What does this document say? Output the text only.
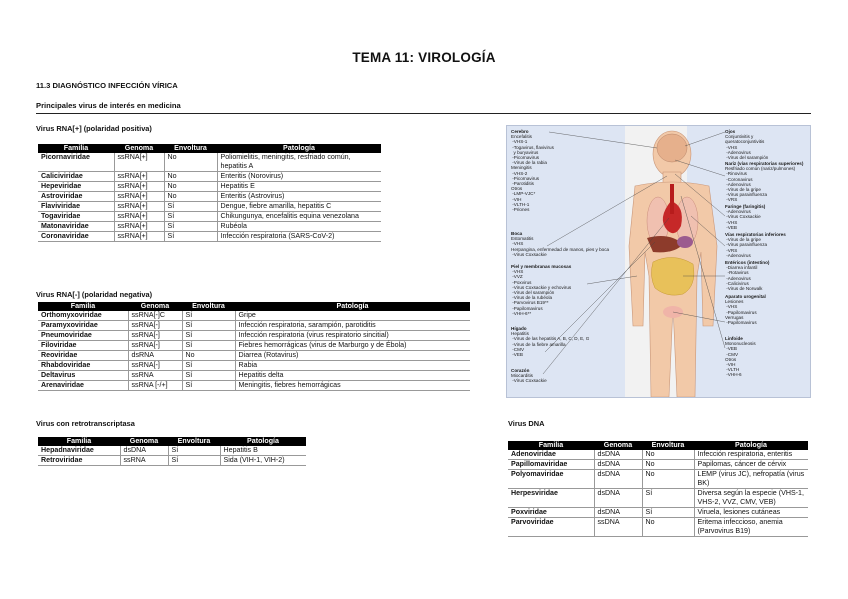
TEMA 11: VIROLOGÍA
11.3 DIAGNÓSTICO INFECCIÓN VÍRICA
Principales virus de interés en medicina
Virus RNA[+] (polaridad positiva)
Familia	Genoma	Envoltura	Patología
Picornaviridae	ssRNA[+]	No	Poliomielitis, meningitis, resfriado común, hepatitis A
Caliciviridae	ssRNA[+]	No	Enteritis (Norovirus)
Hepeviridae	ssRNA[+]	No	Hepatitis E
Astroviridae	ssRNA[+]	No	Enteritis (Astrovirus)
Flaviviridae	ssRNA[+]	Sí	Dengue, fiebre amarilla, hepatitis C
Togaviridae	ssRNA[+]	Sí	Chikungunya, encefalitis equina venezolana
Matonaviridae	ssRNA[+]	Sí	Rubéola
Coronaviridae	ssRNA[+]	Sí	Infección respiratoria (SARS-CoV-2)
Virus RNA[-] (polaridad negativa)
Familia	Genoma	Envoltura	Patología
Orthomyxoviridae	ssRNA[-]C	Sí	Gripe
Paramyxoviridae	ssRNA[-]	Sí	Infección respiratoria, sarampión, parotiditis
Pneumoviridae	ssRNA[-]	Sí	Infección respiratoria (virus respiratorio sincitial)
Filoviridae	ssRNA[-]	Sí	Fiebres hemorrágicas (virus de Marburgo y de Ébola)
Reoviridae	dsRNA	No	Diarrea (Rotavirus)
Rhabdoviridae	ssRNA[-]	Sí	Rabia
Deltavirus	ssRNA	Sí	Hepatitis delta
Arenaviridae	ssRNA [-/+]	Sí	Meningitis, fiebres hemorrágicas
Virus con retrotranscriptasa
Familia	Genoma	Envoltura	Patología
Hepadnaviridae	dsDNA	Sí	Hepatitis B
Retroviridae	ssRNA	Sí	Sida (VIH-1, VIH-2)
Cerebro
Encefalitis
-VHS-1
-Togavirus, flavivirus
y buryavirus
-Picornavirus
-Virus de la rabia
Meningitis
-VHS-2
-Picornavirus
-Parotiditis
Otros
-LMP-VJC*
-VIH
-VLTH-1
-Priones
Boca
Estomatitis
-VHS
Herpangina, enfermedad de manos, pies y boca
-Virus Coxsackie
Piel y membranas mucosas
-VHS
-VVZ
-Poxvirus
-Virus Coxsackie y echovirus
-Virus del sarampión
-Virus de la rubéola
-Parvovirus B19**
-Papilomavirus
-VHH-6**
Hígado
Hepatitis
-Virus de las hepatitis A, B, C, D, E, G
-Virus de la fiebre amarilla
-CMV
-VEB
Corazón
Miocarditis
-Virus Coxsackie
Ojos
Conjuntivitis y
queratoconjuntivitis
-VHS
-Adenovirus
-Virus del sarampión
Nariz (vías respiratorias superiores)
Resfriado común (nariz/pulmones)
-Rinovirus
-Coronavirus
-Adenovirus
-Virus de la gripe
-Virus parainfluenza
-VRS
Faringe (faringitis)
-Adenovirus
-Virus Coxsackie
-VHS
-VEB
Vías respiratorias inferiores
-Virus de la gripe
-Virus parainfluenza
-VRS
-Adenovirus
Entéricos (intestino)
-Diarrea infantil
-Rotavirus
-Adenovirus
-Calicivirus
-Virus de Norwalk
Aparato urogenital
Lesiones
-VHS
-Papilomavirus
Verrugas
-Papilomavirus
Linfoide
Mononucleosis
-VEB
-CMV
Otros
-VIH
-VLTH
-VHH-6
Virus DNA
Familia	Genoma	Envoltura	Patología
Adenoviridae	dsDNA	No	Infección respiratoria, enteritis
Papillomaviridae	dsDNA	No	Papilomas, cáncer de cérvix
Polyomaviridae	dsDNA	No	LEMP (virus JC), nefropatía (virus BK)
Herpesviridae	dsDNA	Sí	Diversa según la especie (VHS-1, VHS-2, VVZ, CMV, VEB)
Poxviridae	dsDNA	Sí	Viruela, lesiones cutáneas
Parvoviridae	ssDNA	No	Eritema infeccioso, anemia (Parvovirus B19)
